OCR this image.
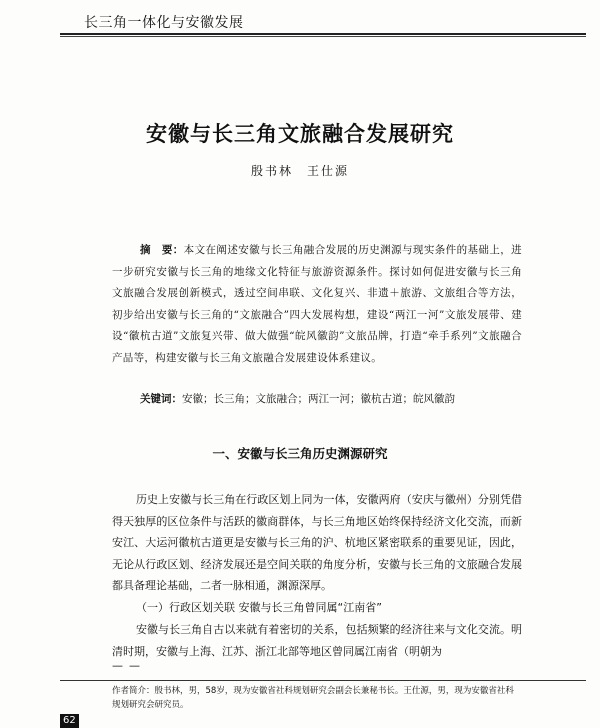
长三角一体化与安徽发展
安徽与长三角文旅融合发展研究
殷书林 王仕源

摘　要：本文在阐述安徽与长三角融合发展的历史渊源与现实条件的基础上，进一步研究安徽与长三角的地缘文化特征与旅游资源条件。探讨如何促进安徽与长三角文旅融合发展创新模式，透过空间串联、文化复兴、非遗＋旅游、文旅组合等方法，初步给出安徽与长三角的“文旅融合”四大发展构想，建设“两江一河”文旅发展带、建设“徽杭古道”文旅复兴带、做大做强“皖风徽韵”文旅品牌，打造“牵手系列”文旅融合产品等，构建安徽与长三角文旅融合发展建设体系建议。

关键词：安徽；长三角；文旅融合；两江一河；徽杭古道；皖风徽韵

一、安徽与长三角历史渊源研究

历史上安徽与长三角在行政区划上同为一体，安徽两府（安庆与徽州）分别凭借得天独厚的区位条件与活跃的徽商群体，与长三角地区始终保持经济文化交流，而新安江、大运河徽杭古道更是安徽与长三角的沪、杭地区紧密联系的重要见证，因此，无论从行政区划、经济发展还是空间关联的角度分析，安徽与长三角的文旅融合发展都具备理论基础，二者一脉相通，渊源深厚。

（一）行政区划关联 安徽与长三角曾同属“江南省”

安徽与长三角自古以来就有着密切的关系，包括频繁的经济往来与文化交流。明清时期，安徽与上海、江苏、浙江北部等地区曾同属江南省（明朝为

——

作者简介：殷书林，男，58岁，现为安徽省社科规划研究会副会长兼秘书长。王仕源，男，现为安徽省社科规划研究会研究员。

62
